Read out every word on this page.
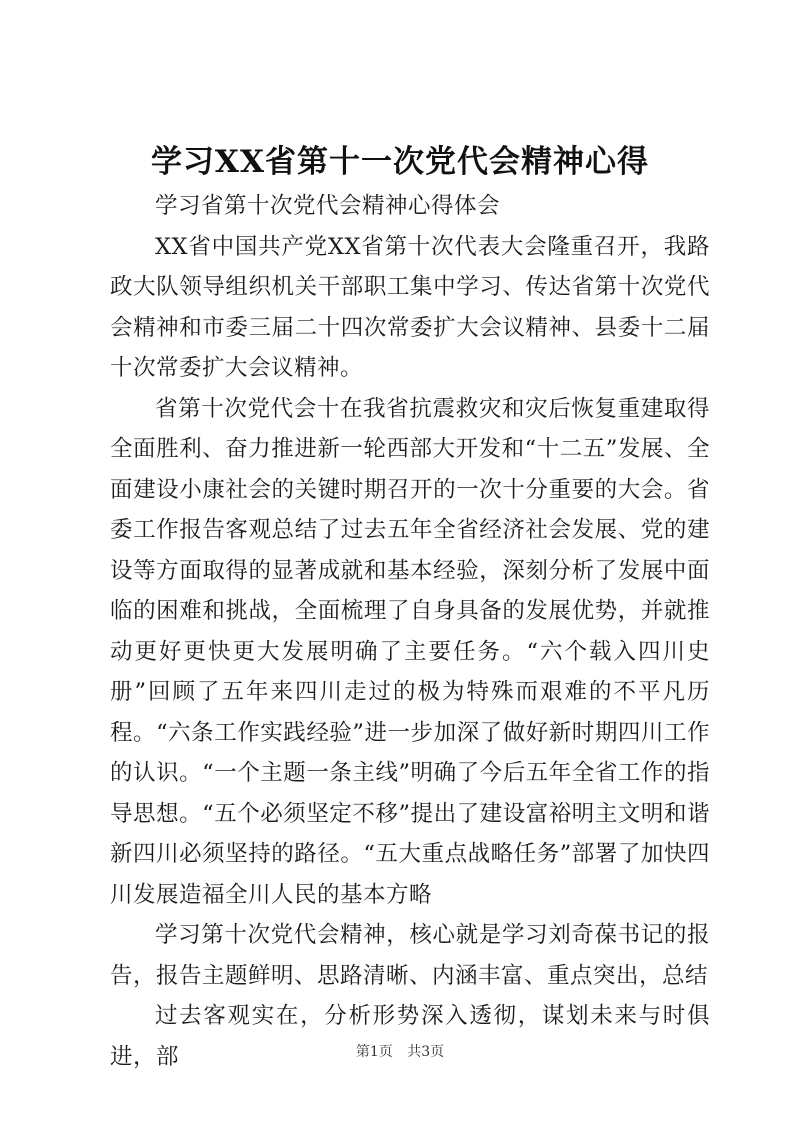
学习XX省第十一次党代会精神心得

学习省第十次党代会精神心得体会

XX省中国共产党XX省第十次代表大会隆重召开，我路政大队领导组织机关干部职工集中学习、传达省第十次党代会精神和市委三届二十四次常委扩大会议精神、县委十二届十次常委扩大会议精神。

省第十次党代会十在我省抗震救灾和灾后恢复重建取得全面胜利、奋力推进新一轮西部大开发和“十二五”发展、全面建设小康社会的关键时期召开的一次十分重要的大会。省委工作报告客观总结了过去五年全省经济社会发展、党的建设等方面取得的显著成就和基本经验，深刻分析了发展中面临的困难和挑战，全面梳理了自身具备的发展优势，并就推动更好更快更大发展明确了主要任务。“六个载入四川史册”回顾了五年来四川走过的极为特殊而艰难的不平凡历程。“六条工作实践经验”进一步加深了做好新时期四川工作的认识。“一个主题一条主线”明确了今后五年全省工作的指导思想。“五个必须坚定不移”提出了建设富裕明主文明和谐新四川必须坚持的路径。“五大重点战略任务”部署了加快四川发展造福全川人民的基本方略

学习第十次党代会精神，核心就是学习刘奇葆书记的报告，报告主题鲜明、思路清晰、内涵丰富、重点突出，总结

过去客观实在，分析形势深入透彻，谋划未来与时俱进，部	第1页 共3页
